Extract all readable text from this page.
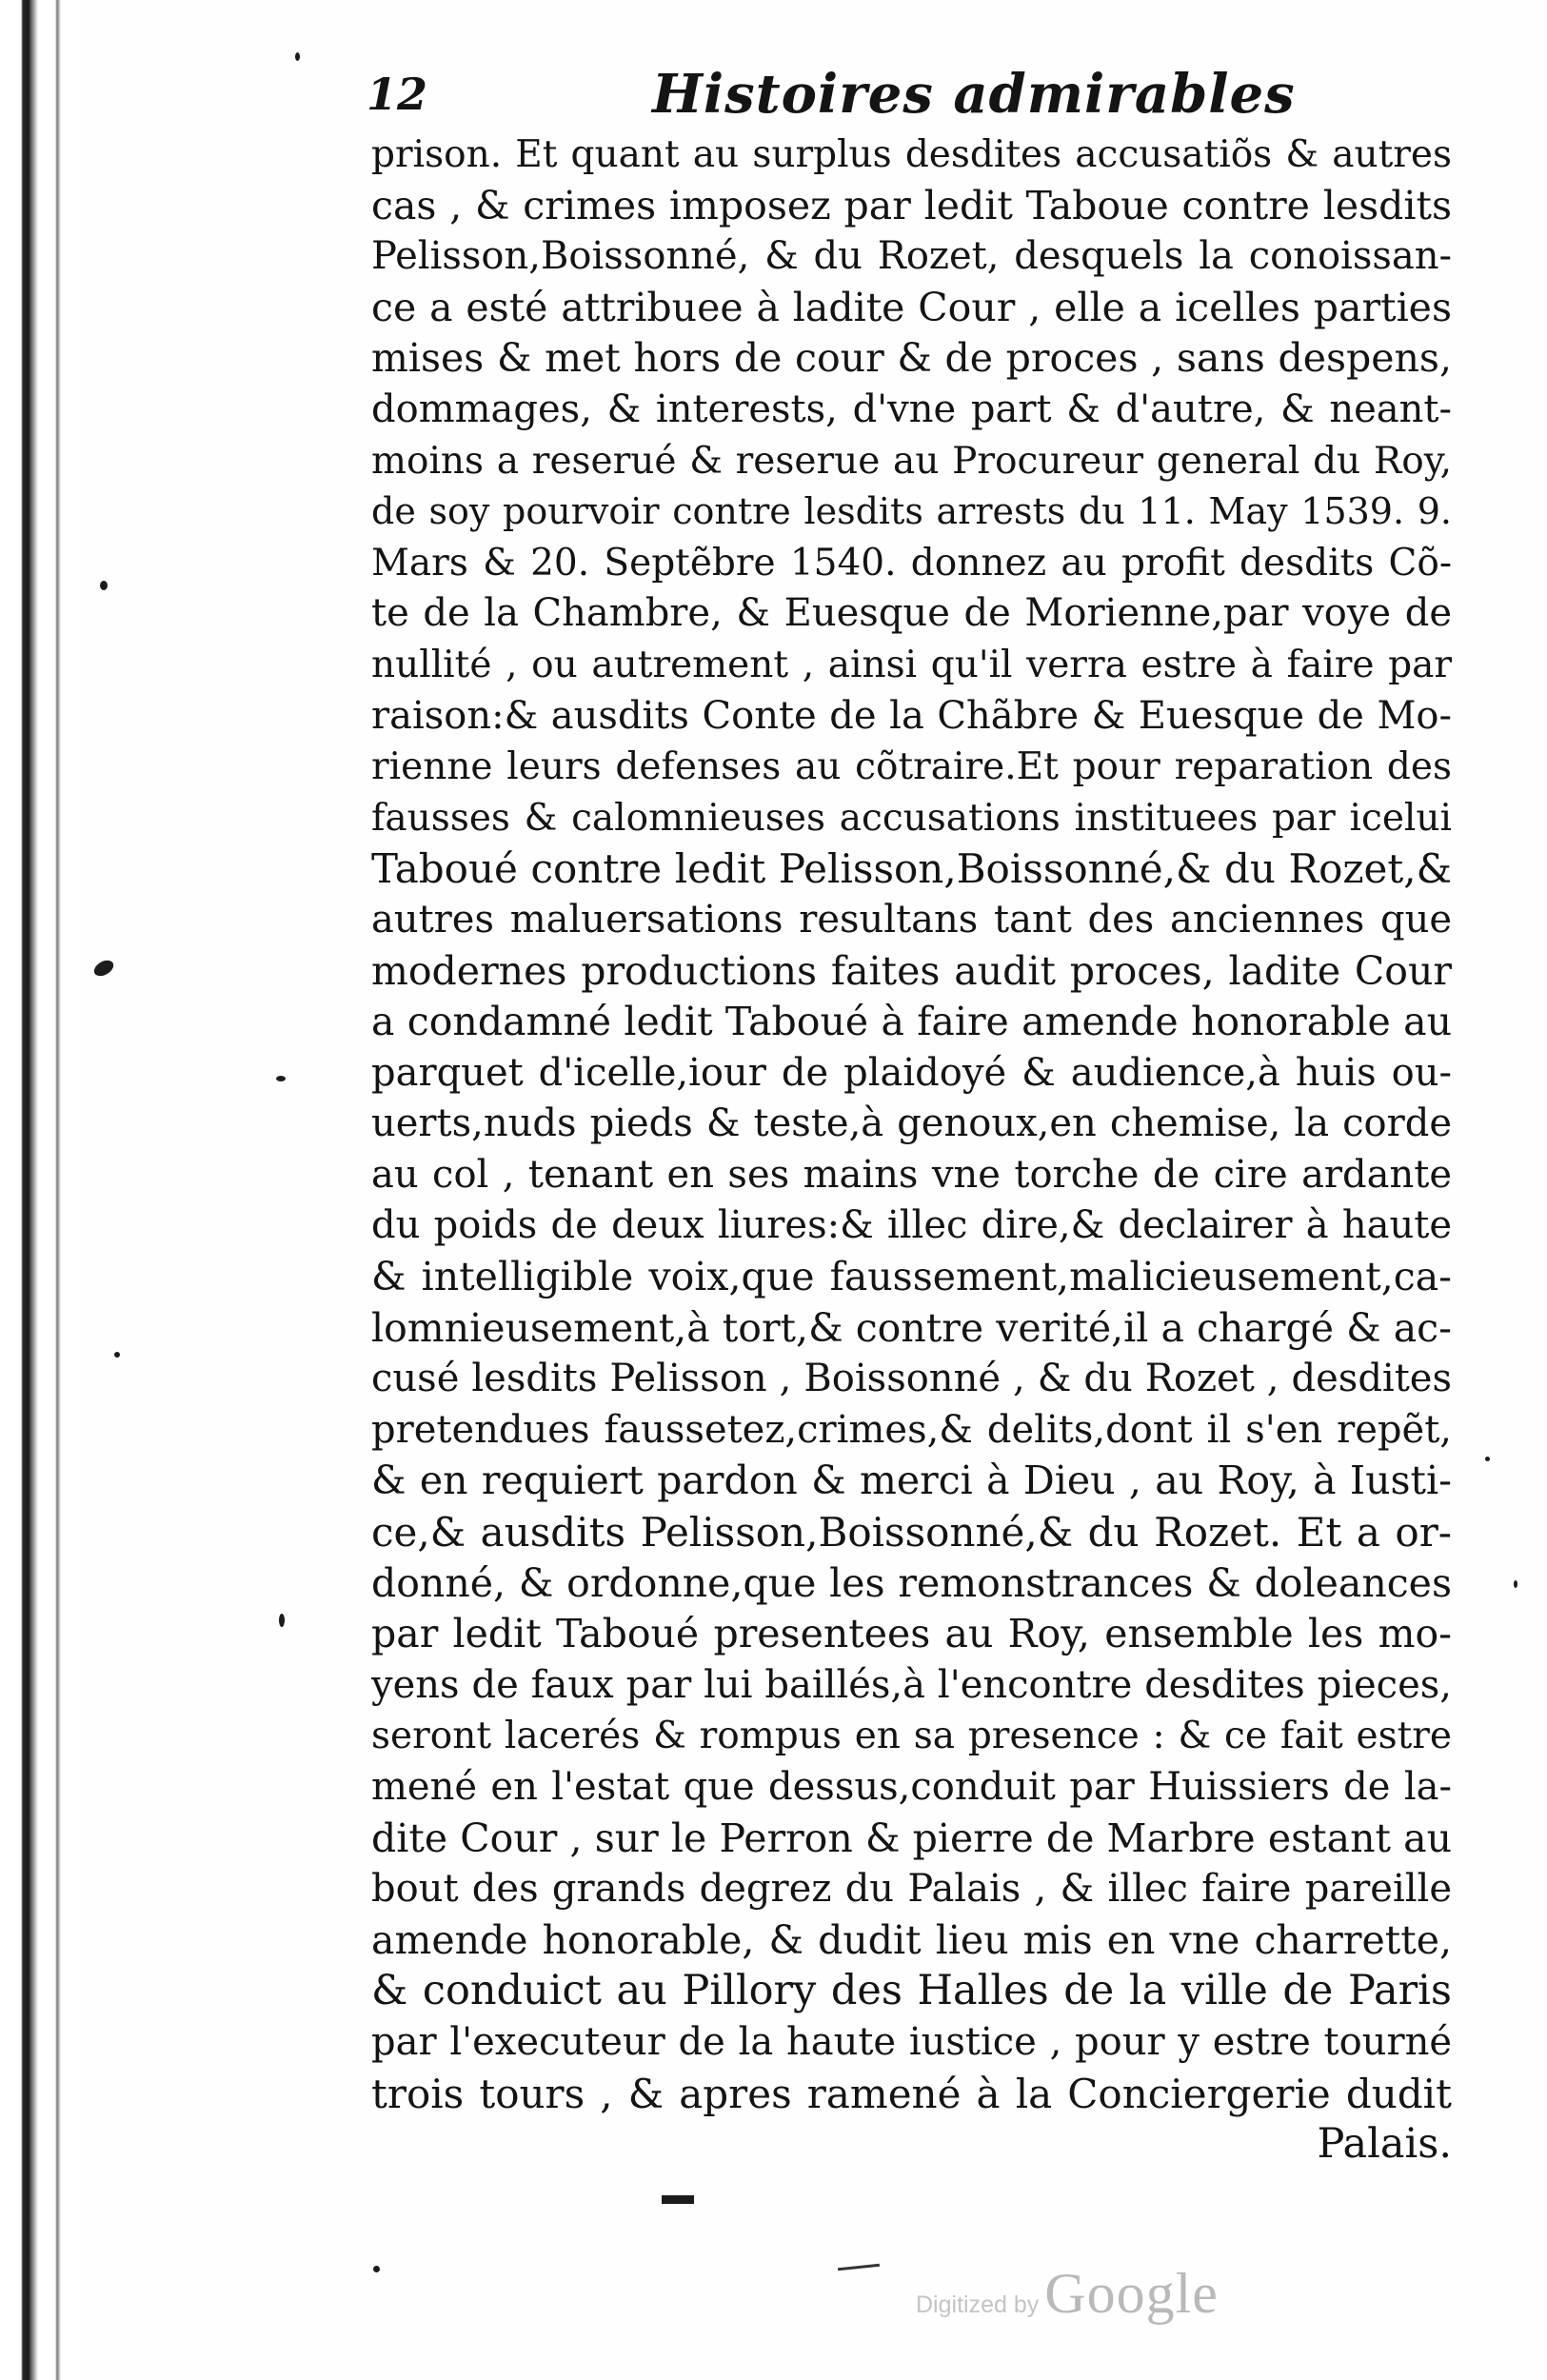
12	Histoires admirables
prison. Et quant au surplus desdites accusatiõs & autres
cas , & crimes imposez par ledit Taboue contre lesdits
Pelisson,Boissonné, & du Rozet, desquels la conoissan-
ce a esté attribuee à ladite Cour , elle a icelles parties
mises & met hors de cour & de proces , sans despens,
dommages, & interests, d'vne part & d'autre, & neant-
moins a reserué & reserue au Procureur general du Roy,
de soy pourvoir contre lesdits arrests du 11. May 1539. 9.
Mars & 20. Septẽbre 1540. donnez au profit desdits Cõ-
te de la Chambre, & Euesque de Morienne,par voye de
nullité , ou autrement , ainsi qu'il verra estre à faire par
raison:& ausdits Conte de la Chãbre & Euesque de Mo-
rienne leurs defenses au cõtraire.Et pour reparation des
fausses & calomnieuses accusations instituees par icelui
Taboué contre ledit Pelisson,Boissonné,& du Rozet,&
autres maluersations resultans tant des anciennes que
modernes productions faites audit proces, ladite Cour
a condamné ledit Taboué à faire amende honorable au
parquet d'icelle,iour de plaidoyé & audience,à huis ou-
uerts,nuds pieds & teste,à genoux,en chemise, la corde
au col , tenant en ses mains vne torche de cire ardante
du poids de deux liures:& illec dire,& declairer à haute
& intelligible voix,que faussement,malicieusement,ca-
lomnieusement,à tort,& contre verité,il a chargé & ac-
cusé lesdits Pelisson , Boissonné , & du Rozet , desdites
pretendues faussetez,crimes,& delits,dont il s'en repẽt,
& en requiert pardon & merci à Dieu , au Roy, à Iusti-
ce,& ausdits Pelisson,Boissonné,& du Rozet. Et a or-
donné, & ordonne,que les remonstrances & doleances
par ledit Taboué presentees au Roy, ensemble les mo-
yens de faux par lui baillés,à l'encontre desdites pieces,
seront lacerés & rompus en sa presence : & ce fait estre
mené en l'estat que dessus,conduit par Huissiers de la-
dite Cour , sur le Perron & pierre de Marbre estant au
bout des grands degrez du Palais , & illec faire pareille
amende honorable, & dudit lieu mis en vne charrette,
& conduict au Pillory des Halles de la ville de Paris
par l'executeur de la haute iustice , pour y estre tourné
trois tours , & apres ramené à la Conciergerie dudit
Palais.
Digitized by Google
